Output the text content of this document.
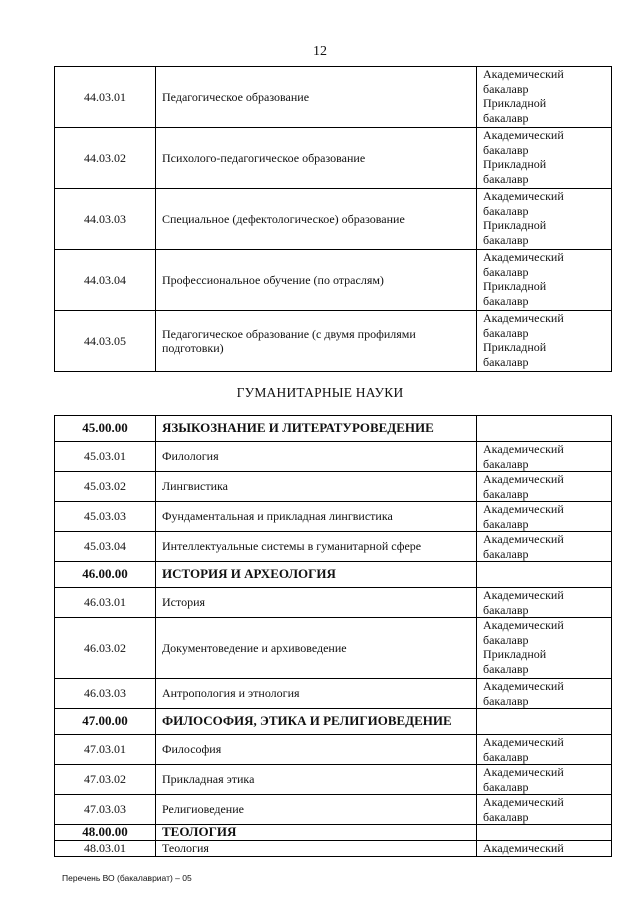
12
44.03.01	Педагогическое образование	Академический
бакалавр
Прикладной
бакалавр

44.03.02	Психолого-педагогическое образование	Академический
бакалавр
Прикладной
бакалавр

44.03.03	Специальное (дефектологическое) образование	Академический
бакалавр
Прикладной
бакалавр

44.03.04	Профессиональное обучение (по отраслям)	Академический
бакалавр
Прикладной
бакалавр

44.03.05	Педагогическое образование (с двумя профилями подготовки)	Академический
бакалавр
Прикладной
бакалавр
ГУМАНИТАРНЫЕ НАУКИ
45.00.00	ЯЗЫКОЗНАНИЕ И ЛИТЕРАТУРОВЕДЕНИЕ	
45.03.01	Филология	Академический
бакалавр

45.03.02	Лингвистика	Академический
бакалавр

45.03.03	Фундаментальная и прикладная лингвистика	Академический
бакалавр

45.03.04	Интеллектуальные системы в гуманитарной сфере	Академический
бакалавр

46.00.00	ИСТОРИЯ И АРХЕОЛОГИЯ	
46.03.01	История	Академический
бакалавр

46.03.02	Документоведение и архивоведение	Академический
бакалавр
Прикладной
бакалавр

46.03.03	Антропология и этнология	Академический
бакалавр

47.00.00	ФИЛОСОФИЯ, ЭТИКА И РЕЛИГИОВЕДЕНИЕ	
47.03.01	Философия	Академический
бакалавр

47.03.02	Прикладная этика	Академический
бакалавр

47.03.03	Религиоведение	Академический
бакалавр

48.00.00	ТЕОЛОГИЯ	
48.03.01	Теология	Академический
Перечень ВО (бакалавриат) – 05
